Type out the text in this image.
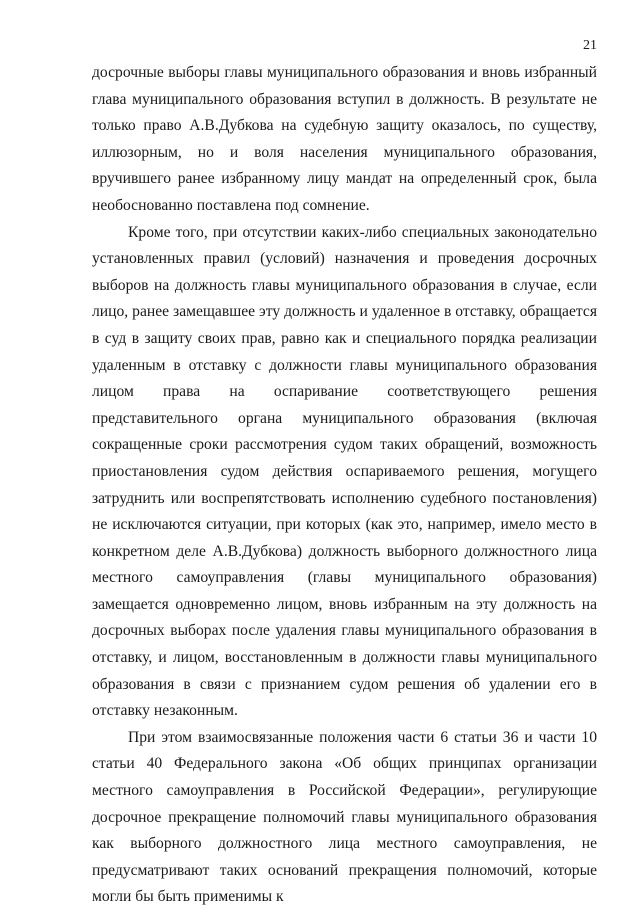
21

досрочные выборы главы муниципального образования и вновь избранный глава муниципального образования вступил в должность. В результате не только право А.В.Дубкова на судебную защиту оказалось, по существу, иллюзорным, но и воля населения муниципального образования, вручившего ранее избранному лицу мандат на определенный срок, была необоснованно поставлена под сомнение.

Кроме того, при отсутствии каких-либо специальных законодательно установленных правил (условий) назначения и проведения досрочных выборов на должность главы муниципального образования в случае, если лицо, ранее замещавшее эту должность и удаленное в отставку, обращается в суд в защиту своих прав, равно как и специального порядка реализации удаленным в отставку с должности главы муниципального образования лицом права на оспаривание соответствующего решения представительного органа муниципального образования (включая сокращенные сроки рассмотрения судом таких обращений, возможность приостановления судом действия оспариваемого решения, могущего затруднить или воспрепятствовать исполнению судебного постановления) не исключаются ситуации, при которых (как это, например, имело место в конкретном деле А.В.Дубкова) должность выборного должностного лица местного самоуправления (главы муниципального образования) замещается одновременно лицом, вновь избранным на эту должность на досрочных выборах после удаления главы муниципального образования в отставку, и лицом, восстановленным в должности главы муниципального образования в связи с признанием судом решения об удалении его в отставку незаконным.

При этом взаимосвязанные положения части 6 статьи 36 и части 10 статьи 40 Федерального закона «Об общих принципах организации местного самоуправления в Российской Федерации», регулирующие досрочное прекращение полномочий главы муниципального образования как выборного должностного лица местного самоуправления, не предусматривают таких оснований прекращения полномочий, которые могли бы быть применимы к
